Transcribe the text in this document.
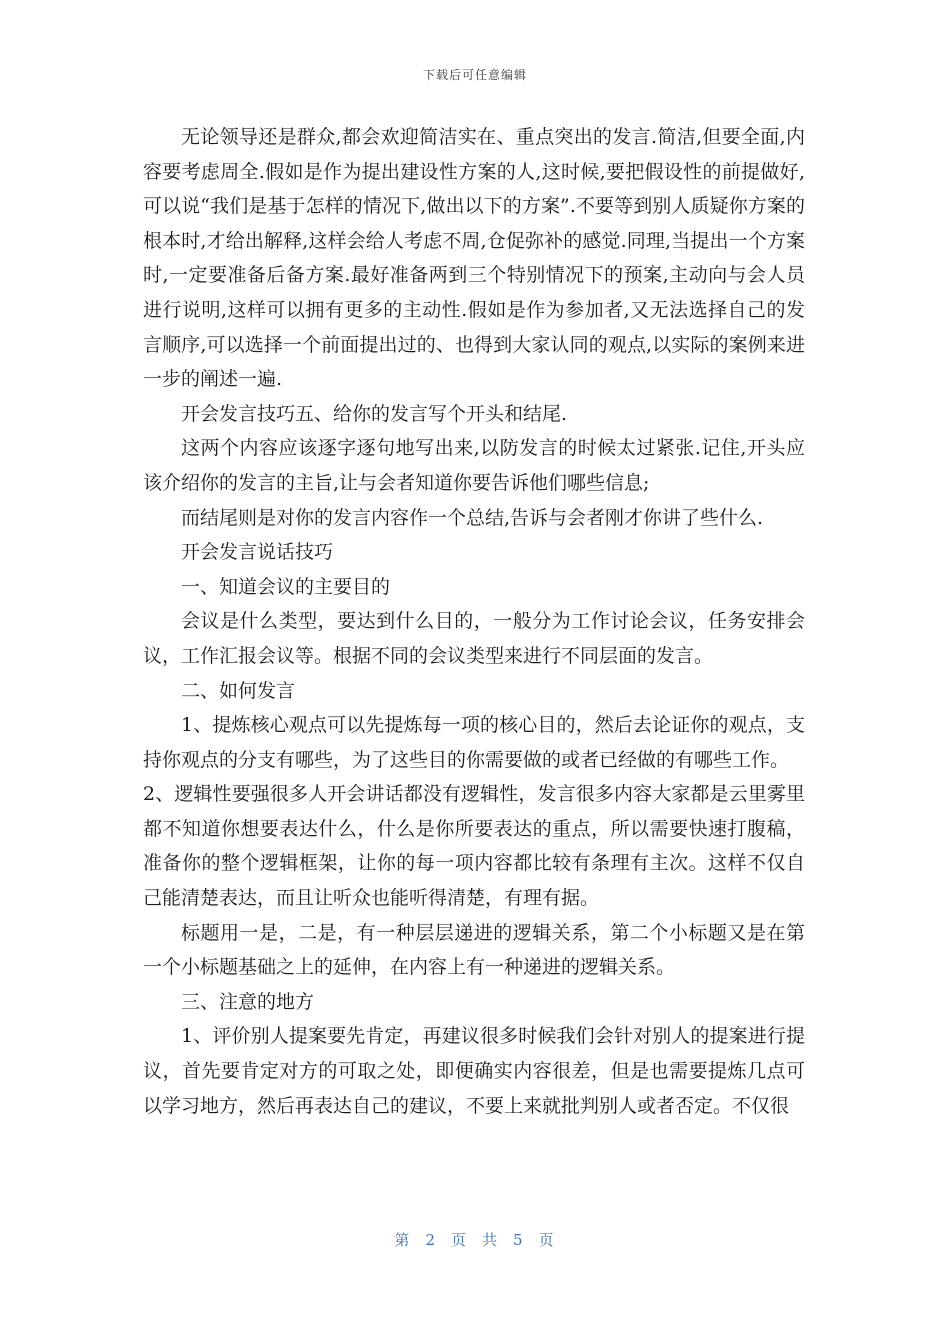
下载后可任意编辑

无论领导还是群众,都会欢迎简洁实在、重点突出的发言.简洁,但要全面,内容要考虑周全.假如是作为提出建设性方案的人,这时候,要把假设性的前提做好,可以说“我们是基于怎样的情况下,做出以下的方案”.不要等到别人质疑你方案的根本时,才给出解释,这样会给人考虑不周,仓促弥补的感觉.同理,当提出一个方案时,一定要准备后备方案.最好准备两到三个特别情况下的预案,主动向与会人员进行说明,这样可以拥有更多的主动性.假如是作为参加者,又无法选择自己的发言顺序,可以选择一个前面提出过的、也得到大家认同的观点,以实际的案例来进一步的阐述一遍.

开会发言技巧五、给你的发言写个开头和结尾.

这两个内容应该逐字逐句地写出来,以防发言的时候太过紧张.记住,开头应该介绍你的发言的主旨,让与会者知道你要告诉他们哪些信息;

而结尾则是对你的发言内容作一个总结,告诉与会者刚才你讲了些什么.

开会发言说话技巧

一、知道会议的主要目的

会议是什么类型，要达到什么目的，一般分为工作讨论会议，任务安排会议，工作汇报会议等。根据不同的会议类型来进行不同层面的发言。

二、如何发言

1、提炼核心观点可以先提炼每一项的核心目的，然后去论证你的观点，支持你观点的分支有哪些，为了这些目的你需要做的或者已经做的有哪些工作。

2、逻辑性要强很多人开会讲话都没有逻辑性，发言很多内容大家都是云里雾里都不知道你想要表达什么，什么是你所要表达的重点，所以需要快速打腹稿，准备你的整个逻辑框架，让你的每一项内容都比较有条理有主次。这样不仅自己能清楚表达，而且让听众也能听得清楚，有理有据。

标题用一是，二是，有一种层层递进的逻辑关系，第二个小标题又是在第一个小标题基础之上的延伸，在内容上有一种递进的逻辑关系。

三、注意的地方

1、评价别人提案要先肯定，再建议很多时候我们会针对别人的提案进行提议，首先要肯定对方的可取之处，即便确实内容很差，但是也需要提炼几点可以学习地方，然后再表达自己的建议，不要上来就批判别人或者否定。不仅很

第 2 页 共 5 页
